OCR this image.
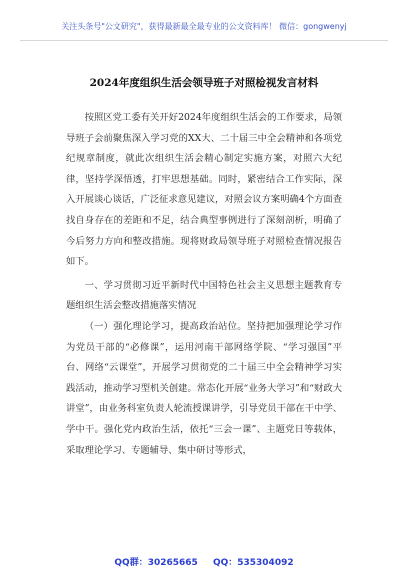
关注头条号"公文研究"，获得最新最全最专业的公文资料库！ 微信：gongwenyj
2024年度组织生活会领导班子对照检视发言材料

按照区党工委有关开好2024年度组织生活会的工作要求，局领导班子会前聚焦深入学习党的XX大、二十届三中全会精神和各项党纪规章制度，就此次组织生活会精心制定实施方案，对照六大纪律，坚持学深悟透，打牢思想基础。同时，紧密结合工作实际，深入开展谈心谈话，广泛征求意见建议，对照会议方案明确4个方面查找自身存在的差距和不足，结合典型事例进行了深刻剖析，明确了今后努力方向和整改措施。现将财政局领导班子对照检查情况报告如下。

一、学习贯彻习近平新时代中国特色社会主义思想主题教育专题组织生活会整改措施落实情况

（一）强化理论学习，提高政治站位。坚持把加强理论学习作为党员干部的“必修课”，运用河南干部网络学院、“学习强国”平台、网络“云课堂”，开展学习贯彻党的二十届三中全会精神学习实践活动，推动学习型机关创建。常态化开展“业务大学习”和“财政大讲堂”，由业务科室负责人轮流授课讲学，引导党员干部在干中学、学中干。强化党内政治生活，依托“三会一课”、主题党日等载体，采取理论学习、专题辅导、集中研讨等形式，

QQ群：30265665 QQ：535304092
